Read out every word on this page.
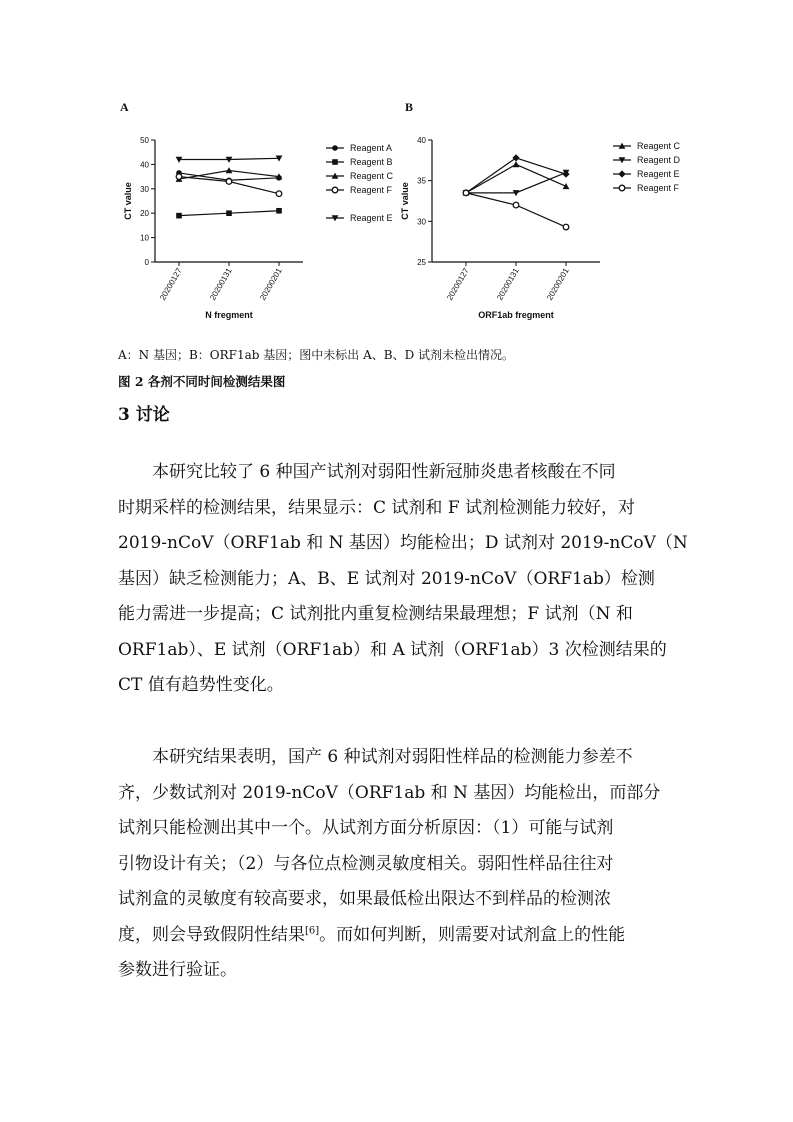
A	B
0
10
20
30
40
50
20200127	20200131	20200201
CT value
N fregment
Reagent A
Reagent B
Reagent C
Reagent F
Reagent E
25
30
35
40
20200127	20200131	20200201
CT value
ORF1ab fregment
Reagent C
Reagent D
Reagent E
Reagent F
A：N 基因；B：ORF1ab 基因；图中未标出 A、B、D 试剂未检出情况。
图 2 各剂不同时间检测结果图
3 讨论
本研究比较了 6 种国产试剂对弱阳性新冠肺炎患者核酸在不同
时期采样的检测结果，结果显示：C 试剂和 F 试剂检测能力较好，对
2019-nCoV（ORF1ab 和 N 基因）均能检出；D 试剂对 2019-nCoV（N
基因）缺乏检测能力；A、B、E 试剂对 2019-nCoV（ORF1ab）检测
能力需进一步提高；C 试剂批内重复检测结果最理想；F 试剂（N 和
ORF1ab）、E 试剂（ORF1ab）和 A 试剂（ORF1ab）3 次检测结果的
CT 值有趋势性变化。
本研究结果表明，国产 6 种试剂对弱阳性样品的检测能力参差不
齐，少数试剂对 2019-nCoV（ORF1ab 和 N 基因）均能检出，而部分
试剂只能检测出其中一个。从试剂方面分析原因：（1）可能与试剂
引物设计有关；（2）与各位点检测灵敏度相关。弱阳性样品往往对
试剂盒的灵敏度有较高要求，如果最低检出限达不到样品的检测浓
度，则会导致假阴性结果[6]。而如何判断，则需要对试剂盒上的性能
参数进行验证。
